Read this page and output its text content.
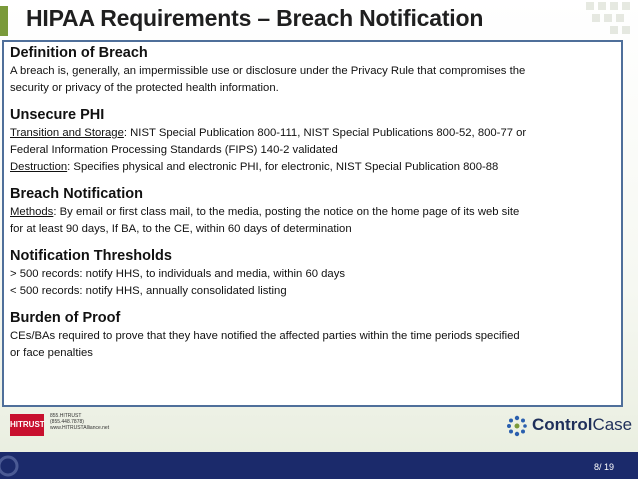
HIPAA Requirements – Breach Notification
Definition of Breach
A breach is, generally, an impermissible use or disclosure under the Privacy Rule that compromises the
security or privacy of the protected health information.
Unsecure PHI
Transition and Storage: NIST Special Publication 800-111, NIST Special Publications 800-52, 800-77 or
Federal Information Processing Standards (FIPS) 140-2 validated
Destruction: Specifies physical and electronic PHI, for electronic, NIST Special Publication 800-88
Breach Notification
Methods: By email or first class mail, to the media, posting the notice on the home page of its web site
for at least 90 days, If BA, to the CE, within 60 days of determination
Notification Thresholds
> 500 records: notify HHS, to individuals and media, within 60 days
< 500 records: notify HHS, annually consolidated listing
Burden of Proof
CEs/BAs required to prove that they have notified the affected parties within the time periods specified
or face penalties
HITRUST
855.HITRUST
(855.448.7878)
www.HITRUSTAlliance.net	ControlCase
8/ 19
